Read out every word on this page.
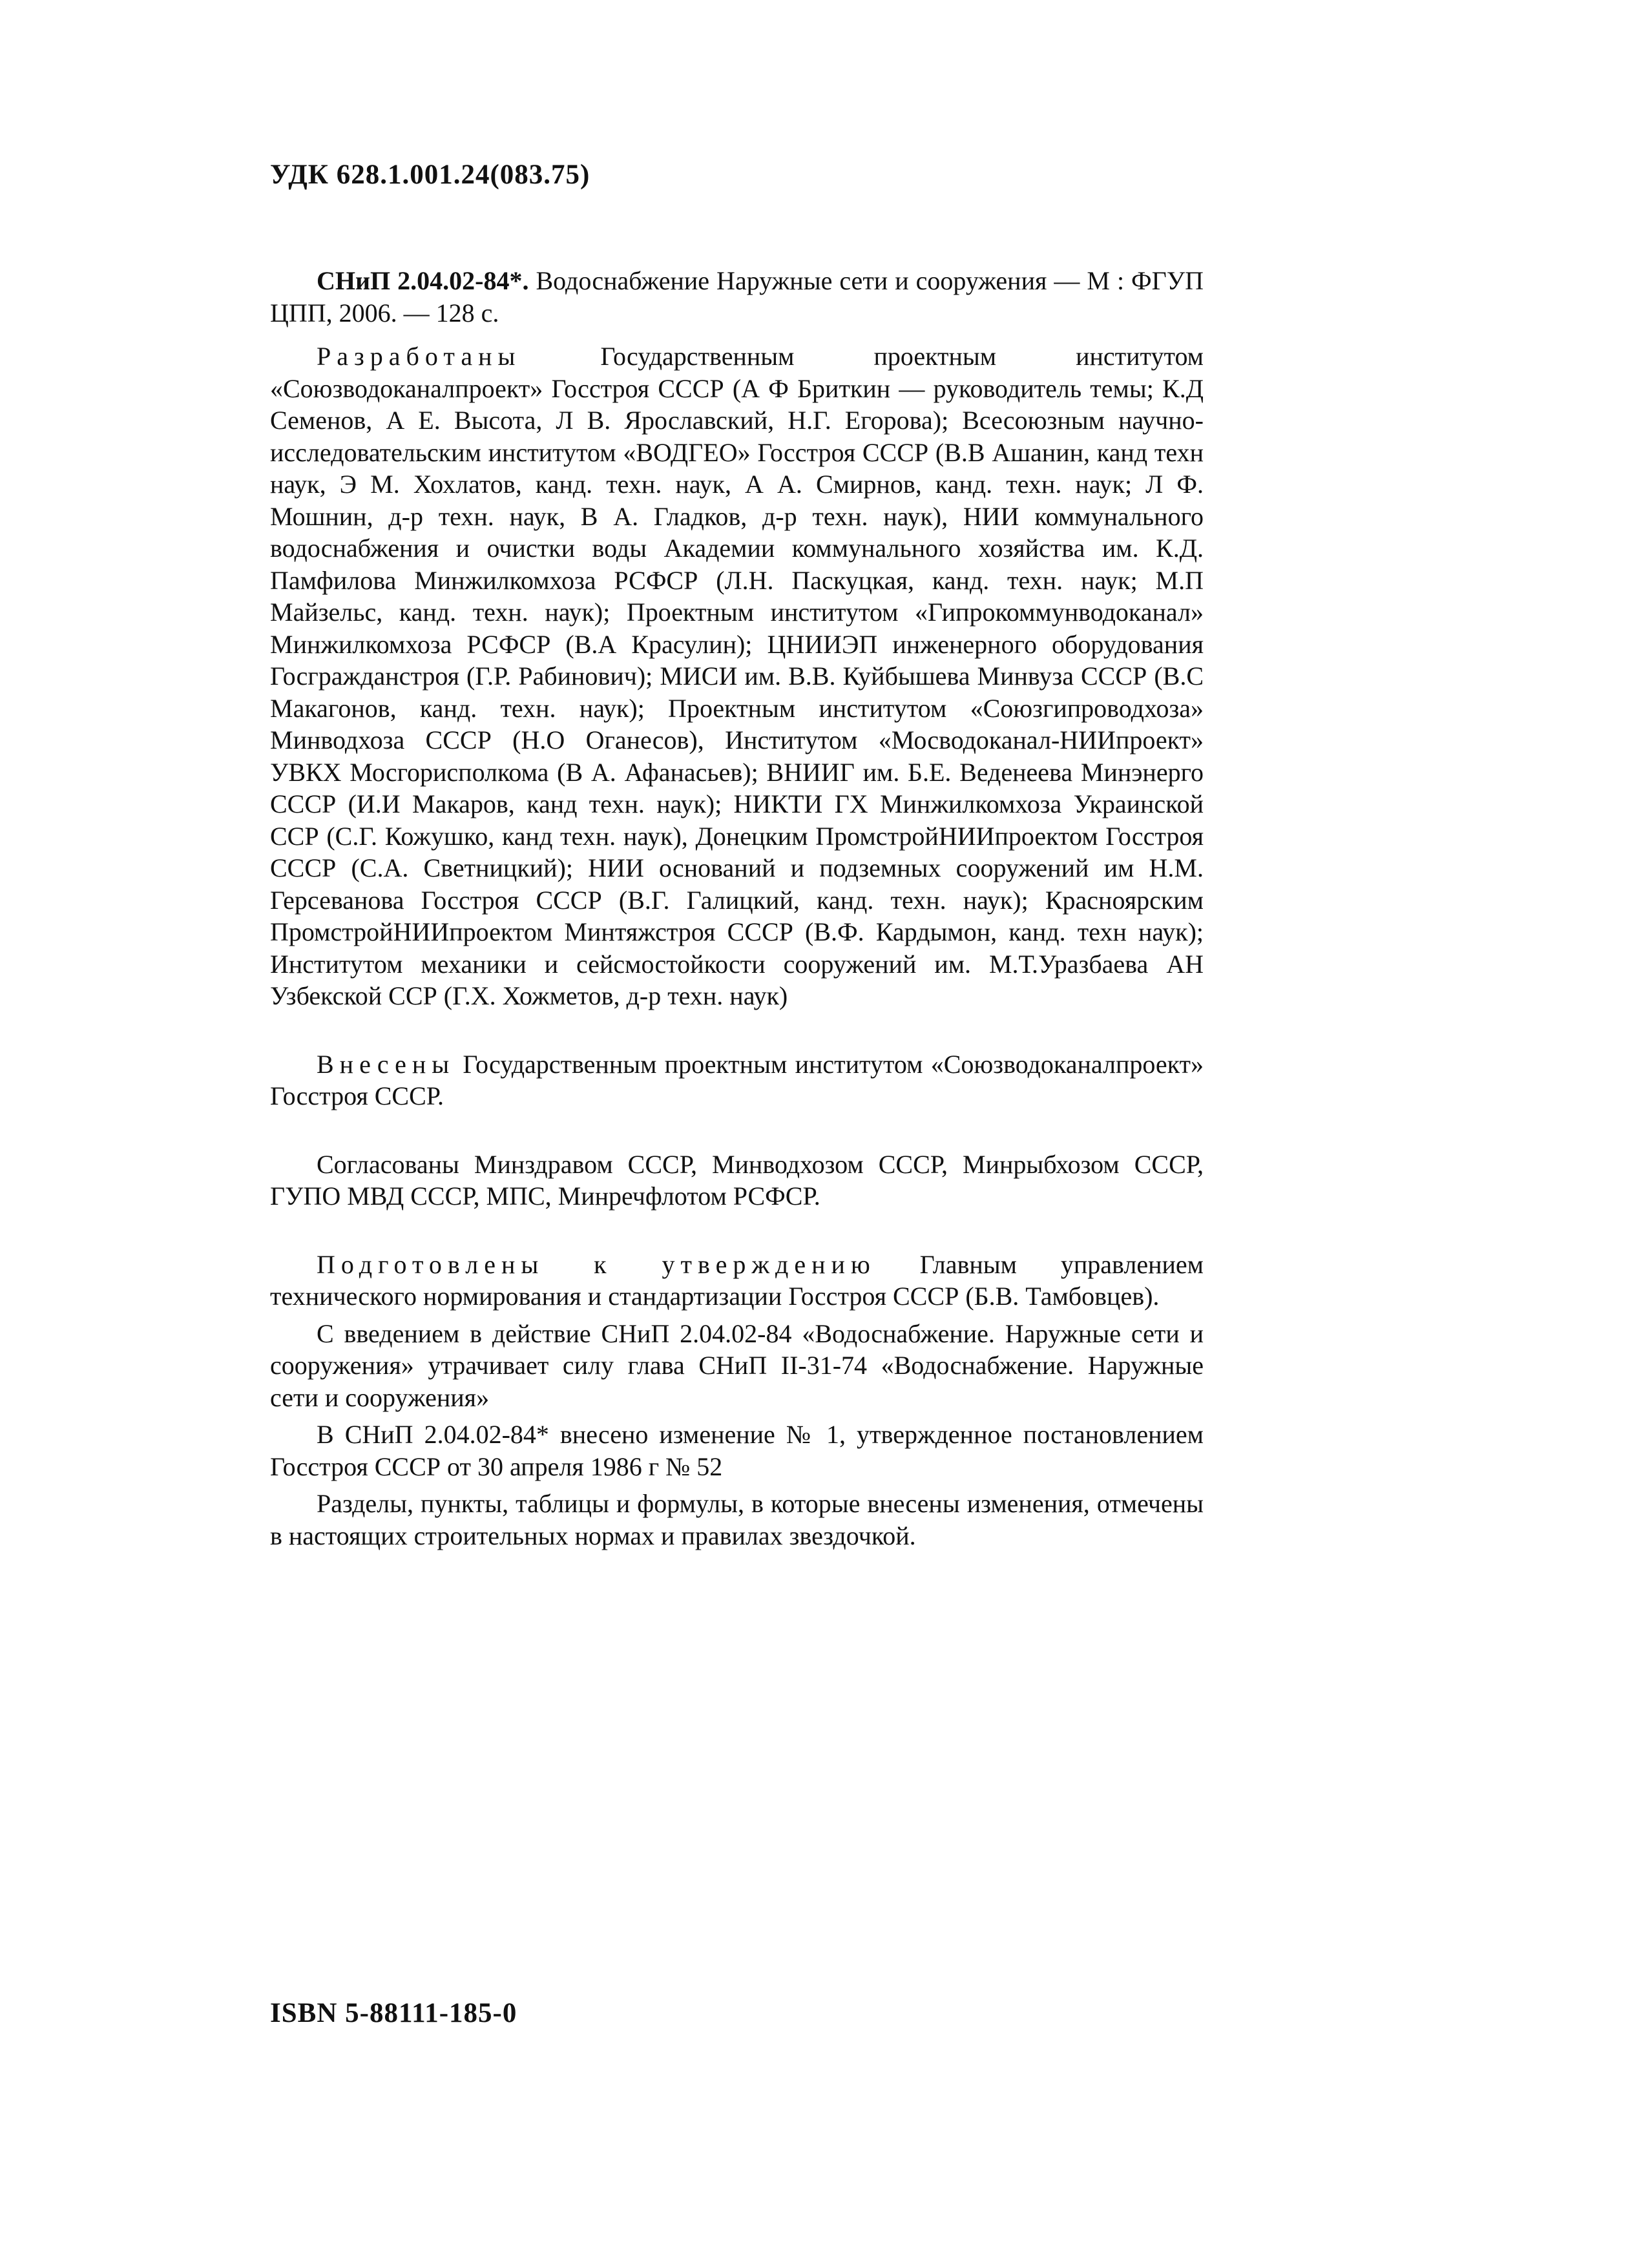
УДК 628.1.001.24(083.75)

СНиП 2.04.02-84*. Водоснабжение Наружные сети и сооружения — М : ФГУП ЦПП, 2006. — 128 с.

Разработаны Государственным проектным институтом «Союзводоканалпроект» Госстроя СССР (А Ф Бриткин — руководитель темы; К.Д Семенов, А Е. Высота, Л В. Ярославский, Н.Г. Егорова); Всесоюзным научно-исследовательским институтом «ВОДГЕО» Госстроя СССР (В.В Ашанин, канд техн наук, Э М. Хохлатов, канд. техн. наук, А А. Смирнов, канд. техн. наук; Л Ф. Мошнин, д-р техн. наук, В А. Гладков, д-р техн. наук), НИИ коммунального водоснабжения и очистки воды Академии коммунального хозяйства им. К.Д. Памфилова Минжилкомхоза РСФСР (Л.Н. Паскуцкая, канд. техн. наук; М.П Майзельс, канд. техн. наук); Проектным институтом «Гипрокоммунводоканал» Минжилкомхоза РСФСР (В.А Красулин); ЦНИИЭП инженерного оборудования Госгражданстроя (Г.Р. Рабинович); МИСИ им. В.В. Куйбышева Минвуза СССР (В.С Макагонов, канд. техн. наук); Проектным институтом «Союзгипроводхоза» Минводхоза СССР (Н.О Оганесов), Институтом «Мосводоканал-НИИпроект» УВКХ Мосгорисполкома (В А. Афанасьев); ВНИИГ им. Б.Е. Веденеева Минэнерго СССР (И.И Макаров, канд техн. наук); НИКТИ ГХ Минжилкомхоза Украинской ССР (С.Г. Кожушко, канд техн. наук), Донецким ПромстройНИИпроектом Госстроя СССР (С.А. Светницкий); НИИ оснований и подземных сооружений им Н.М. Герсеванова Госстроя СССР (В.Г. Галицкий, канд. техн. наук); Красноярским ПромстройНИИпроектом Минтяжстроя СССР (В.Ф. Кардымон, канд. техн наук); Институтом механики и сейсмостойкости сооружений им. М.Т.Уразбаева АН Узбекской ССР (Г.Х. Хожметов, д-р техн. наук)

Внесены Государственным проектным институтом «Союзводоканалпроект» Госстроя СССР.

Согласованы Минздравом СССР, Минводхозом СССР, Минрыбхозом СССР, ГУПО МВД СССР, МПС, Минречфлотом РСФСР.

Подготовлены к утверждению Главным управлением технического нормирования и стандартизации Госстроя СССР (Б.В. Тамбовцев).

С введением в действие СНиП 2.04.02-84 «Водоснабжение. Наружные сети и сооружения» утрачивает силу глава СНиП II-31-74 «Водоснабжение. Наружные сети и сооружения»

В СНиП 2.04.02-84* внесено изменение № 1, утвержденное постановлением Госстроя СССР от 30 апреля 1986 г № 52

Разделы, пункты, таблицы и формулы, в которые внесены изменения, отмечены в настоящих строительных нормах и правилах звездочкой.

ISBN 5-88111-185-0
